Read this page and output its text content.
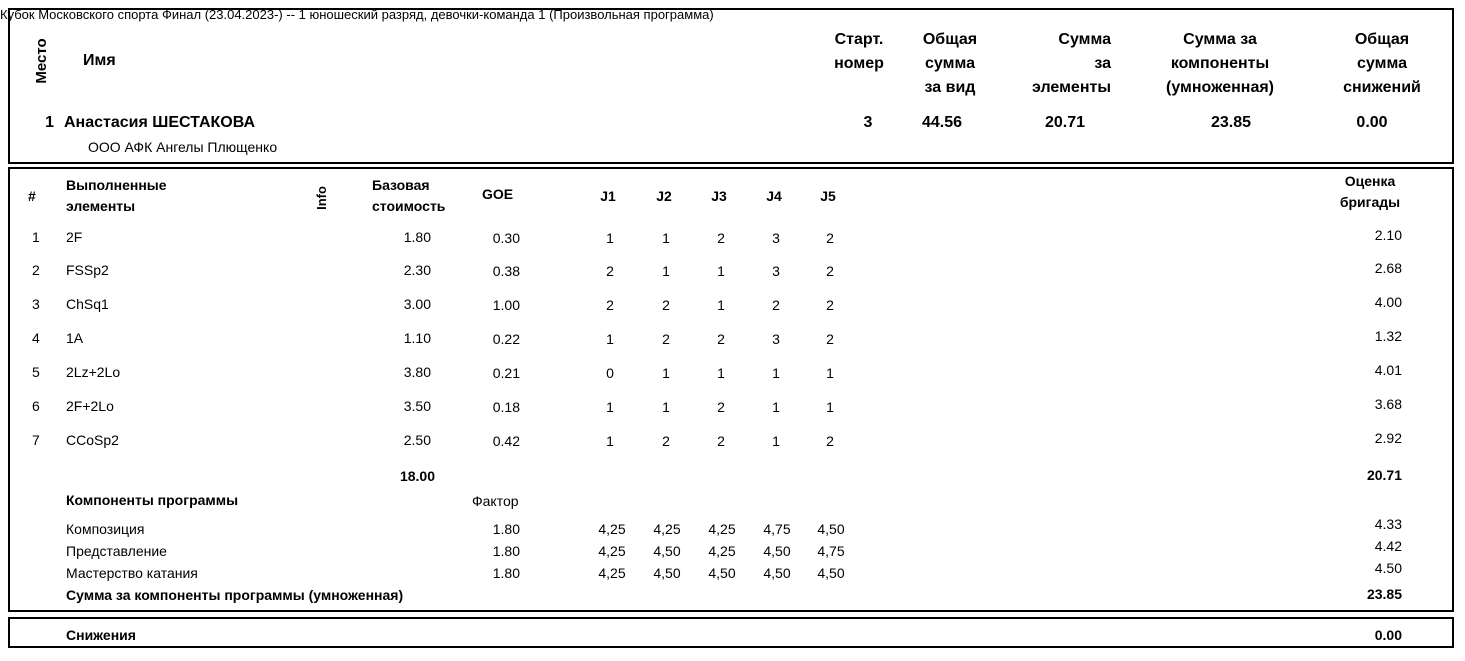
Кубок Московского спорта Финал (23.04.2023-) -- 1 юношеский разряд, девочки-команда 1 (Произвольная программа)
Место Имя
Старт.
номер
Общая
сумма
за вид
Сумма
за
элементы
Сумма за
компоненты
(умноженная)
Общая
сумма
снижений
1 Анастасия ШЕСТАКОВА
ООО АФК Ангелы Плющенко
3	44.56	20.71	23.85	0.00
#
Выполненные
элементы	Info
Базовая
стоимость
GOE	J1	J2	J3	J4	J5
Оценка
бригады
1	2F	1.80	0.30	1	1	2	3	2	2.10
2	FSSp2	2.30	0.38	2	1	1	3	2	2.68
3	ChSq1	3.00	1.00	2	2	1	2	2	4.00
4	1A	1.10	0.22	1	2	2	3	2	1.32
5	2Lz+2Lo	3.80	0.21	0	1	1	1	1	4.01
6	2F+2Lo	3.50	0.18	1	1	2	1	1	3.68
7	CCoSp2	2.50	0.42	1	2	2	1	2	2.92
18.00	20.71
Компоненты программы	Фактор
Композиция	1.80	4,25	4,25	4,25	4,75	4,50	4.33
Представление	1.80	4,25	4,50	4,25	4,50	4,75	4.42
Мастерство катания	1.80	4,25	4,50	4,50	4,50	4,50	4.50
Сумма за компоненты программы (умноженная)	23.85
Снижения	0.00
